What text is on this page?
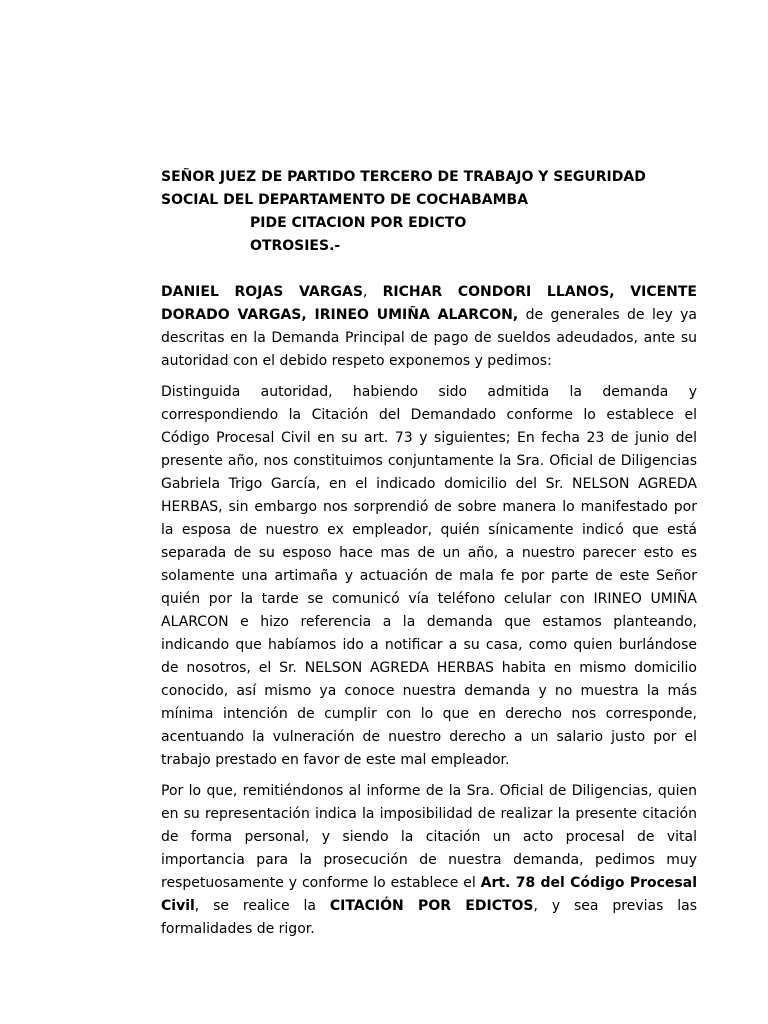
SEÑOR JUEZ DE PARTIDO TERCERO DE TRABAJO Y SEGURIDAD
SOCIAL DEL DEPARTAMENTO DE COCHABAMBA
PIDE CITACION POR EDICTO
OTROSIES.-

DANIEL ROJAS VARGAS, RICHAR CONDORI LLANOS, VICENTE DORADO VARGAS, IRINEO UMIÑA ALARCON, de generales de ley ya descritas en la Demanda Principal de pago de sueldos adeudados, ante su autoridad con el debido respeto exponemos y pedimos:

Distinguida autoridad, habiendo sido admitida la demanda y correspondiendo la Citación del Demandado conforme lo establece el Código Procesal Civil en su art. 73 y siguientes; En fecha 23 de junio del presente año, nos constituimos conjuntamente la Sra. Oficial de Diligencias Gabriela Trigo García, en el indicado domicilio del Sr. NELSON AGREDA HERBAS, sin embargo nos sorprendió de sobre manera lo manifestado por la esposa de nuestro ex empleador, quién sínicamente indicó que está separada de su esposo hace mas de un año, a nuestro parecer esto es solamente una artimaña y actuación de mala fe por parte de este Señor quién por la tarde se comunicó vía teléfono celular con IRINEO UMIÑA ALARCON e hizo referencia a la demanda que estamos planteando, indicando que habíamos ido a notificar a su casa, como quien burlándose de nosotros, el Sr. NELSON AGREDA HERBAS habita en mismo domicilio conocido, así mismo ya conoce nuestra demanda y no muestra la más mínima intención de cumplir con lo que en derecho nos corresponde, acentuando la vulneración de nuestro derecho a un salario justo por el trabajo prestado en favor de este mal empleador.

Por lo que, remitiéndonos al informe de la Sra. Oficial de Diligencias, quien en su representación indica la imposibilidad de realizar la presente citación de forma personal, y siendo la citación un acto procesal de vital importancia para la prosecución de nuestra demanda, pedimos muy respetuosamente y conforme lo establece el Art. 78 del Código Procesal Civil, se realice la CITACIÓN POR EDICTOS, y sea previas las formalidades de rigor.
